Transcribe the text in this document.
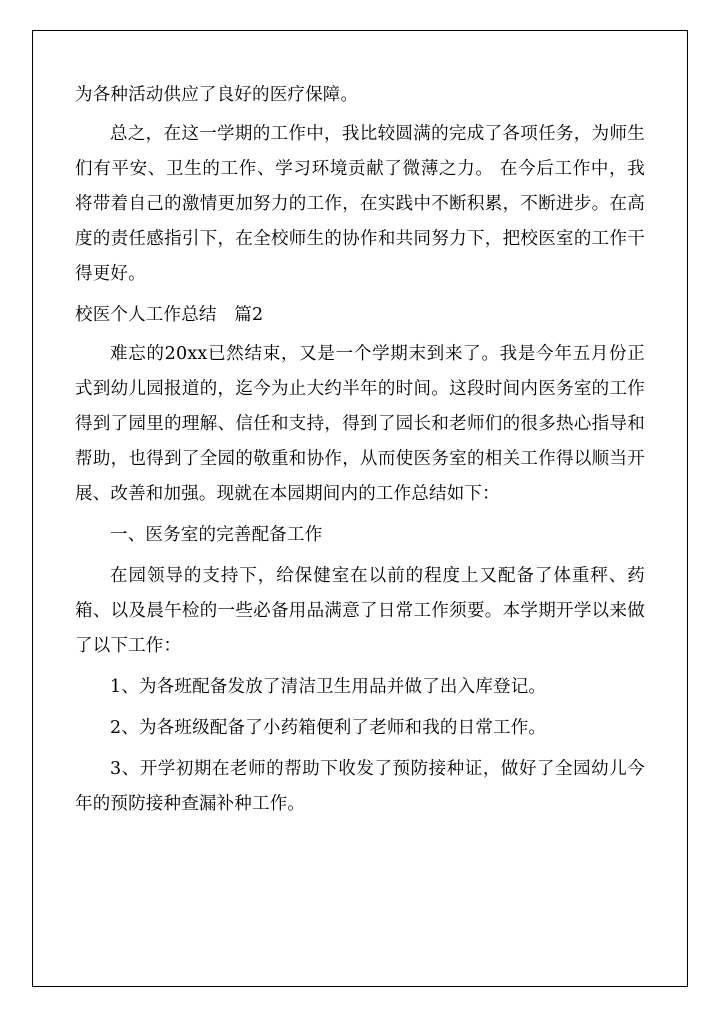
为各种活动供应了良好的医疗保障。

总之，在这一学期的工作中，我比较圆满的完成了各项任务，为师生们有平安、卫生的工作、学习环境贡献了微薄之力。 在今后工作中，我将带着自己的激情更加努力的工作，在实践中不断积累，不断进步。在高度的责任感指引下，在全校师生的协作和共同努力下，把校医室的工作干得更好。

校医个人工作总结　篇2

难忘的20xx已然结束，又是一个学期末到来了。我是今年五月份正式到幼儿园报道的，迄今为止大约半年的时间。这段时间内医务室的工作得到了园里的理解、信任和支持，得到了园长和老师们的很多热心指导和帮助，也得到了全园的敬重和协作，从而使医务室的相关工作得以顺当开展、改善和加强。现就在本园期间内的工作总结如下：

一、医务室的完善配备工作

在园领导的支持下，给保健室在以前的程度上又配备了体重秤、药箱、以及晨午检的一些必备用品满意了日常工作须要。本学期开学以来做了以下工作：

1、为各班配备发放了清洁卫生用品并做了出入库登记。

2、为各班级配备了小药箱便利了老师和我的日常工作。

3、开学初期在老师的帮助下收发了预防接种证，做好了全园幼儿今年的预防接种查漏补种工作。
